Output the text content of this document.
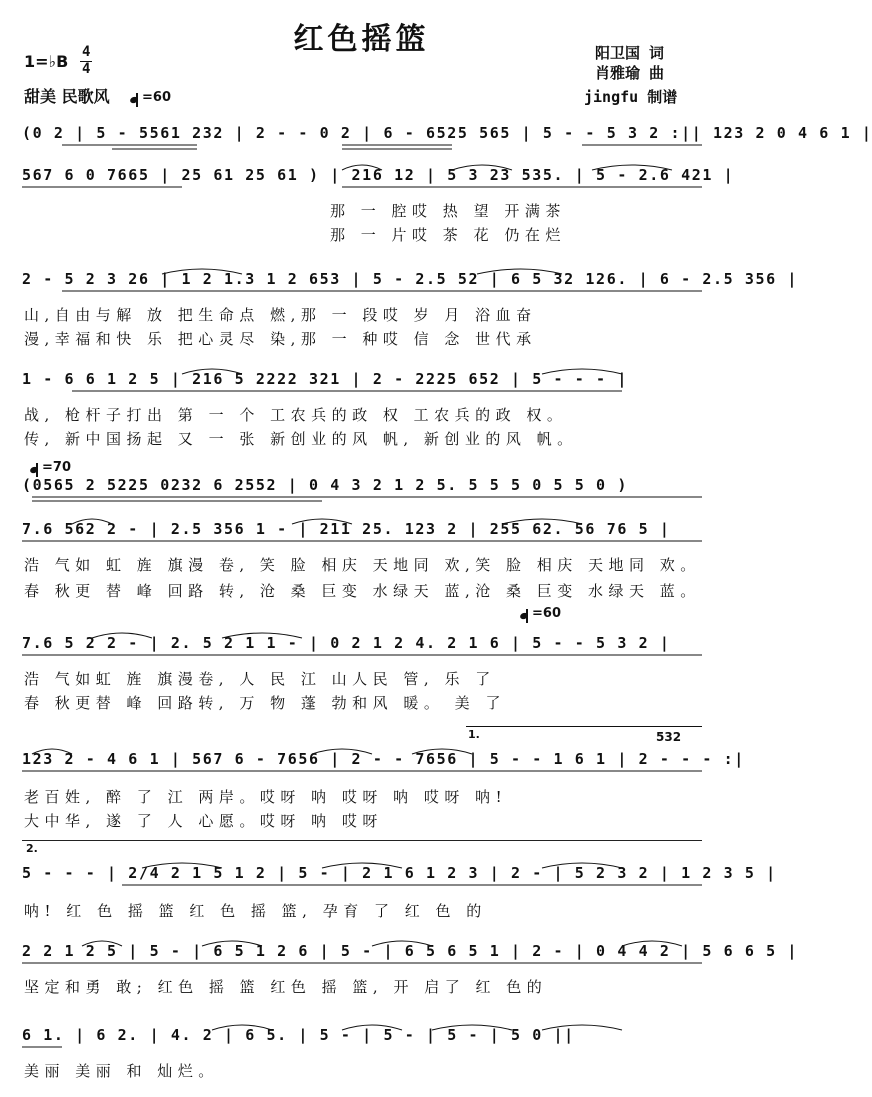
红色摇篮
1=♭B 4
4
甜美 民歌风 =60
阳卫国 词
肖雅瑜 曲
jingfu 制谱
(0 2 | 5 - 5561 232 | 2 - - 0 2 | 6 - 6525 565 | 5 - - 5 3 2 :|| 123 2 0 4 6 1 |
567 6 0 7665 | 25 61 25 61 ) | 216 12 | 5 3 23 535. | 5 - 2.6 421 |
那 一 腔哎 热 望 开满茶
那 一 片哎 茶 花 仍在烂
2 - 5 2 3 26 | 1 2 1.3 1 2 653 | 5 - 2.5 52 | 6 5 32 126. | 6 - 2.5 356 |
山,自由与解 放 把生命点 燃,那 一 段哎 岁 月 浴血奋
漫,幸福和快 乐 把心灵尽 染,那 一 种哎 信 念 世代承
1 - 6 6 1 2 5 | 216 5 2222 321 | 2 - 2225 652 | 5 - - - |
战, 枪杆子打出 第 一 个 工农兵的政 权 工农兵的政 权。
传, 新中国扬起 又 一 张 新创业的风 帆, 新创业的风 帆。
=70
(0565 2 5225 0232 6 2552 | 0 4 3 2 1 2 5. 5 5 5 0 5 5 0 )
7.6 562 2 - | 2.5 356 1 - | 211 25. 123 2 | 255 62. 56 76 5 |
浩 气如 虹 旌 旗漫 卷, 笑 脸 相庆 天地同 欢,笑 脸 相庆 天地同 欢。
春 秋更 替 峰 回路 转, 沧 桑 巨变 水绿天 蓝,沧 桑 巨变 水绿天 蓝。
=60
7.6 5 2 2 - | 2. 5 2 1 1 - | 0 2 1 2 4. 2 1 6 | 5 - - 5 3 2 |
浩 气如虹 旌 旗漫卷, 人 民 江 山人民 管, 乐 了
春 秋更替 峰 回路转, 万 物 蓬 勃和风 暖。 美 了
1.	532
123 2 - 4 6 1 | 567 6 - 7656 | 2 - - 7656 | 5 - - 1 6 1 | 2 - - - :|
老百姓, 醉 了 江 两岸。哎呀 呐 哎呀 呐 哎呀 呐!
大中华, 遂 了 人 心愿。哎呀 呐 哎呀
2.
5 - - - | 2/4 2 1 5 1 2 | 5 - | 2 1 6 1 2 3 | 2 - | 5 2 3 2 | 1 2 3 5 |
呐! 红 色 摇 篮 红 色 摇 篮, 孕育 了 红 色 的
2 2 1 2 5 | 5 - | 6 5 1 2 6 | 5 - | 6 5 6 5 1 | 2 - | 0 4 4 2 | 5 6 6 5 |
坚定和勇 敢; 红色 摇 篮 红色 摇 篮, 开 启了 红 色的
6 1. | 6 2. | 4. 2 | 6 5. | 5 - | 5 - | 5 - | 5 0 ||
美丽 美丽 和 灿烂。
